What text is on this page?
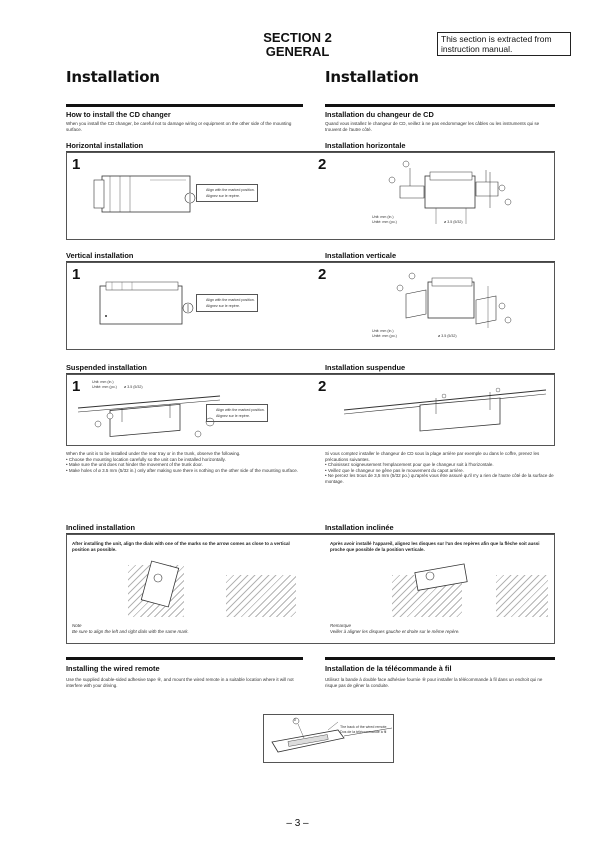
SECTION 2
GENERAL
This section is extracted from instruction manual.
Installation	Installation
How to install the CD changer	Installation du changeur de CD
When you install the CD changer, be careful not to damage wiring or equipment on the other side of the mounting surface.
Quand vous installez le changeur de CD, veillez à ne pas endommager les câbles ou les instruments qui se trouvent de l'autre côté.
Horizontal installation	Installation horizontale
1	2
Align with the marked position.
Alignez sur le repère.
Unit: mm (in.)
Unité: mm (po.)	ø 3.5 (5/32)
Vertical installation	Installation verticale
1	2
Align with the marked position.
Alignez sur le repère.
Unit: mm (in.)
Unité: mm (po.)	ø 3.5 (5/32)
Suspended installation	Installation suspendue
1	2
Unit: mm (in.)
Unité: mm (po.) ø 3.5 (5/32)
Align with the marked position.
Alignez sur le repère.
When the unit is to be installed under the rear tray or in the trunk, observe the following.
• Choose the mounting location carefully so the unit can be installed horizontally.
• Make sure the unit does not hinder the movement of the trunk door.
• Make holes of ø 3.5 mm (5/32 in.) only after making sure there is nothing on the other side of the mounting surface.
Si vous comptez installer le changeur de CD sous la plage arrière par exemple ou dans le coffre, prenez les précautions suivantes.
• Choisissez soigneusement l'emplacement pour que le changeur soit à l'horizontale.
• Veillez que le changeur ne gêne pas le mouvement du capot arrière.
• Ne percez les trous de 3,5 mm (5/32 po.) qu'après vous être assuré qu'il n'y a rien de l'autre côté de la surface de montage.
Inclined installation	Installation inclinée
After installing the unit, align the dials with one of the marks so the arrow comes as close to a vertical position as possible.
Après avoir installé l'appareil, alignez les disques sur l'un des repères afin que la flèche soit aussi proche que possible de la position verticale.
Note
Be sure to align the left and right dials with the same mark.
Remarque
Veiller à aligner les disques gauche et droite sur le même repère.
Installing the wired remote	Installation de la télécommande à fil
Use the supplied double-sided adhesive tape ⑧, and mount the wired remote in a suitable location where it will not interfere with your driving.
Utilisez la bande à double face adhésive fournie ⑧ pour installer la télécommande à fil dans un endroit qui ne risque pas de gêner la conduite.
8
The back of the wired remote
Dos de la télécommande à fil
– 3 –
